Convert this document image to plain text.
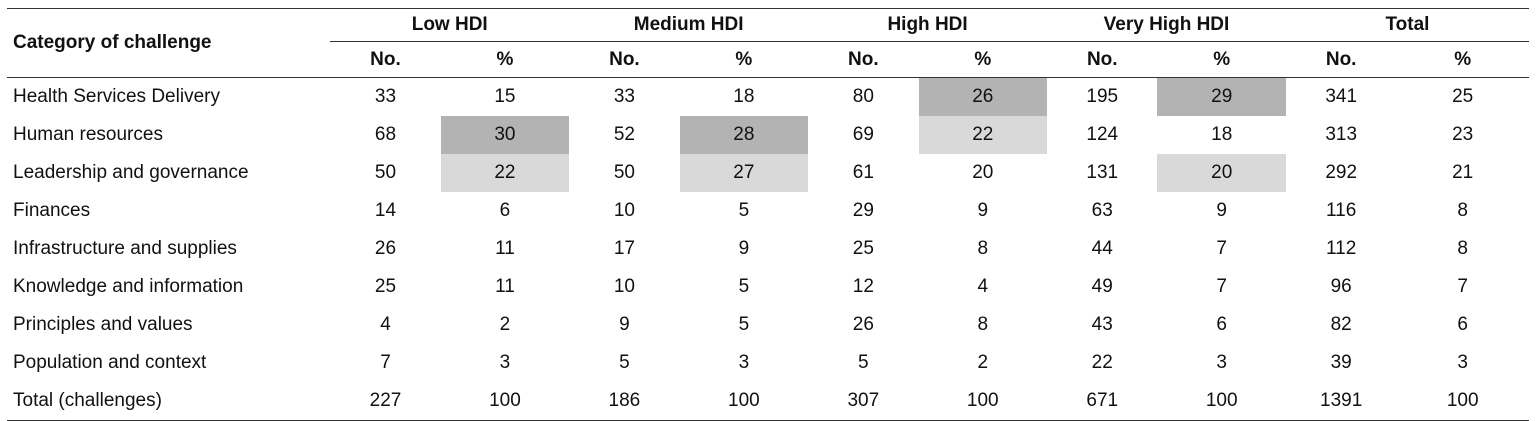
Category of challenge	Low HDI		Medium HDI		High HDI		Very High HDI		Total	
	No.	%	No.	%	No.	%	No.	%	No.	%
Health Services Delivery	33	15	33	18	80	26	195	29	341	25
Human resources	68	30	52	28	69	22	124	18	313	23
Leadership and governance	50	22	50	27	61	20	131	20	292	21
Finances	14	6	10	5	29	9	63	9	116	8
Infrastructure and supplies	26	11	17	9	25	8	44	7	112	8
Knowledge and information	25	11	10	5	12	4	49	7	96	7
Principles and values	4	2	9	5	26	8	43	6	82	6
Population and context	7	3	5	3	5	2	22	3	39	3
Total (challenges)	227	100	186	100	307	100	671	100	1391	100
